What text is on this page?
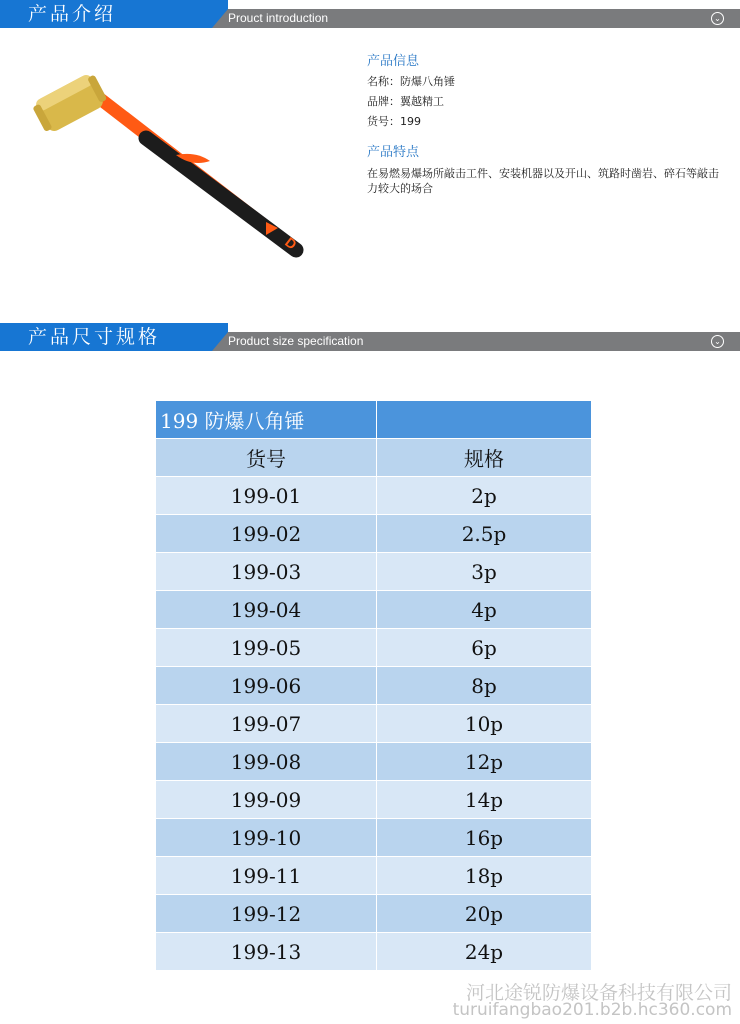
产品介绍	Prouct introduction	⌄
D
产品信息
名称：防爆八角锤
品牌：翼越精工
货号：199
产品特点
在易燃易爆场所敲击工件、安装机器以及开山、筑路时凿岩、碎石等敲击力较大的场合
产品尺寸规格	Product size specification	⌄
199 防爆八角锤	
货号	规格
199-01	2p
199-02	2.5p
199-03	3p
199-04	4p
199-05	6p
199-06	8p
199-07	10p
199-08	12p
199-09	14p
199-10	16p
199-11	18p
199-12	20p
199-13	24p
河北途锐防爆设备科技有限公司
turuifangbao201.b2b.hc360.com
